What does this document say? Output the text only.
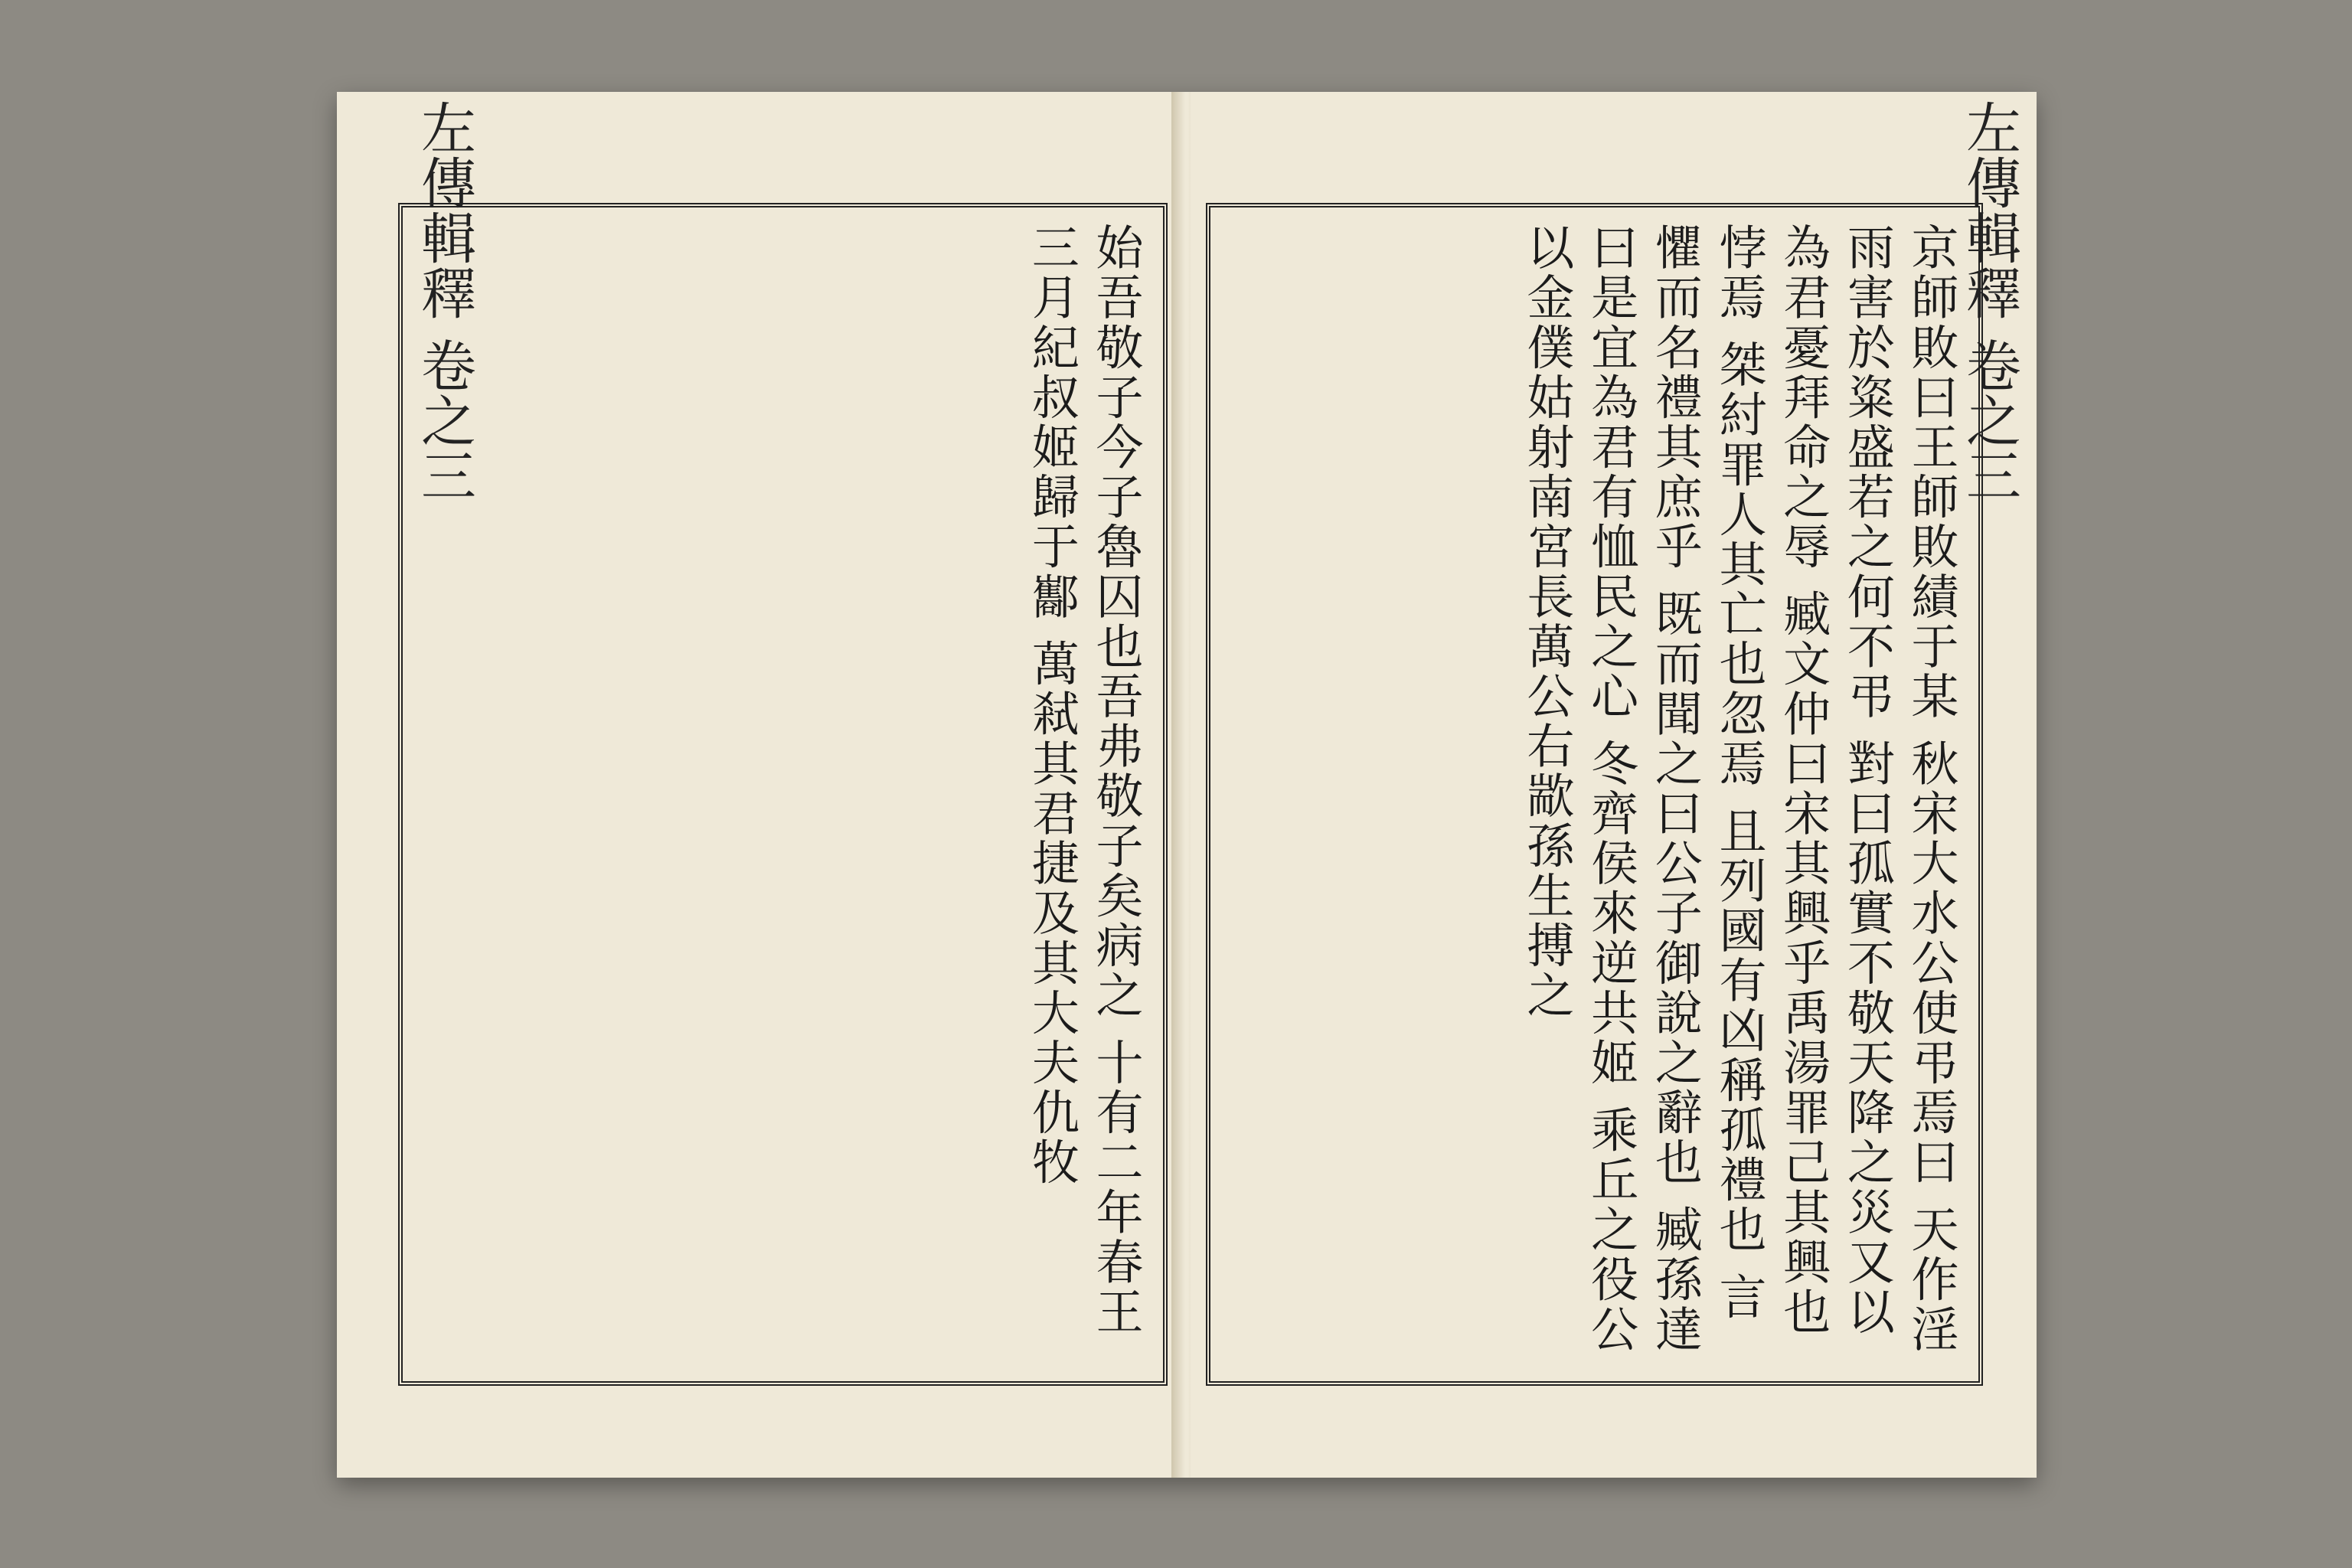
左傳輯釋 卷之三	始吾敬子今子魯囚也吾弗敬子矣病之 十有二年春王三月紀叔姬歸于酅 萬弒其君捷及其大夫仇牧	左傳輯釋 卷之三
京師敗曰王師敗績于某 秋宋大水公使弔焉曰 天作淫雨害於粢盛若之何不弔 對曰孤實不敬天降之災又以為君憂拜命之辱 臧文仲曰宋其興乎禹湯罪己其興也悖焉 桀紂罪人其亡也忽焉 且列國有凶稱孤禮也 言懼而名禮其庶乎 既而聞之曰公子御說之辭也 臧孫達曰是宜為君有恤民之心 冬齊侯來逆共姬 乘丘之役公以金僕姑射南宮長萬公右歂孫生搏之
